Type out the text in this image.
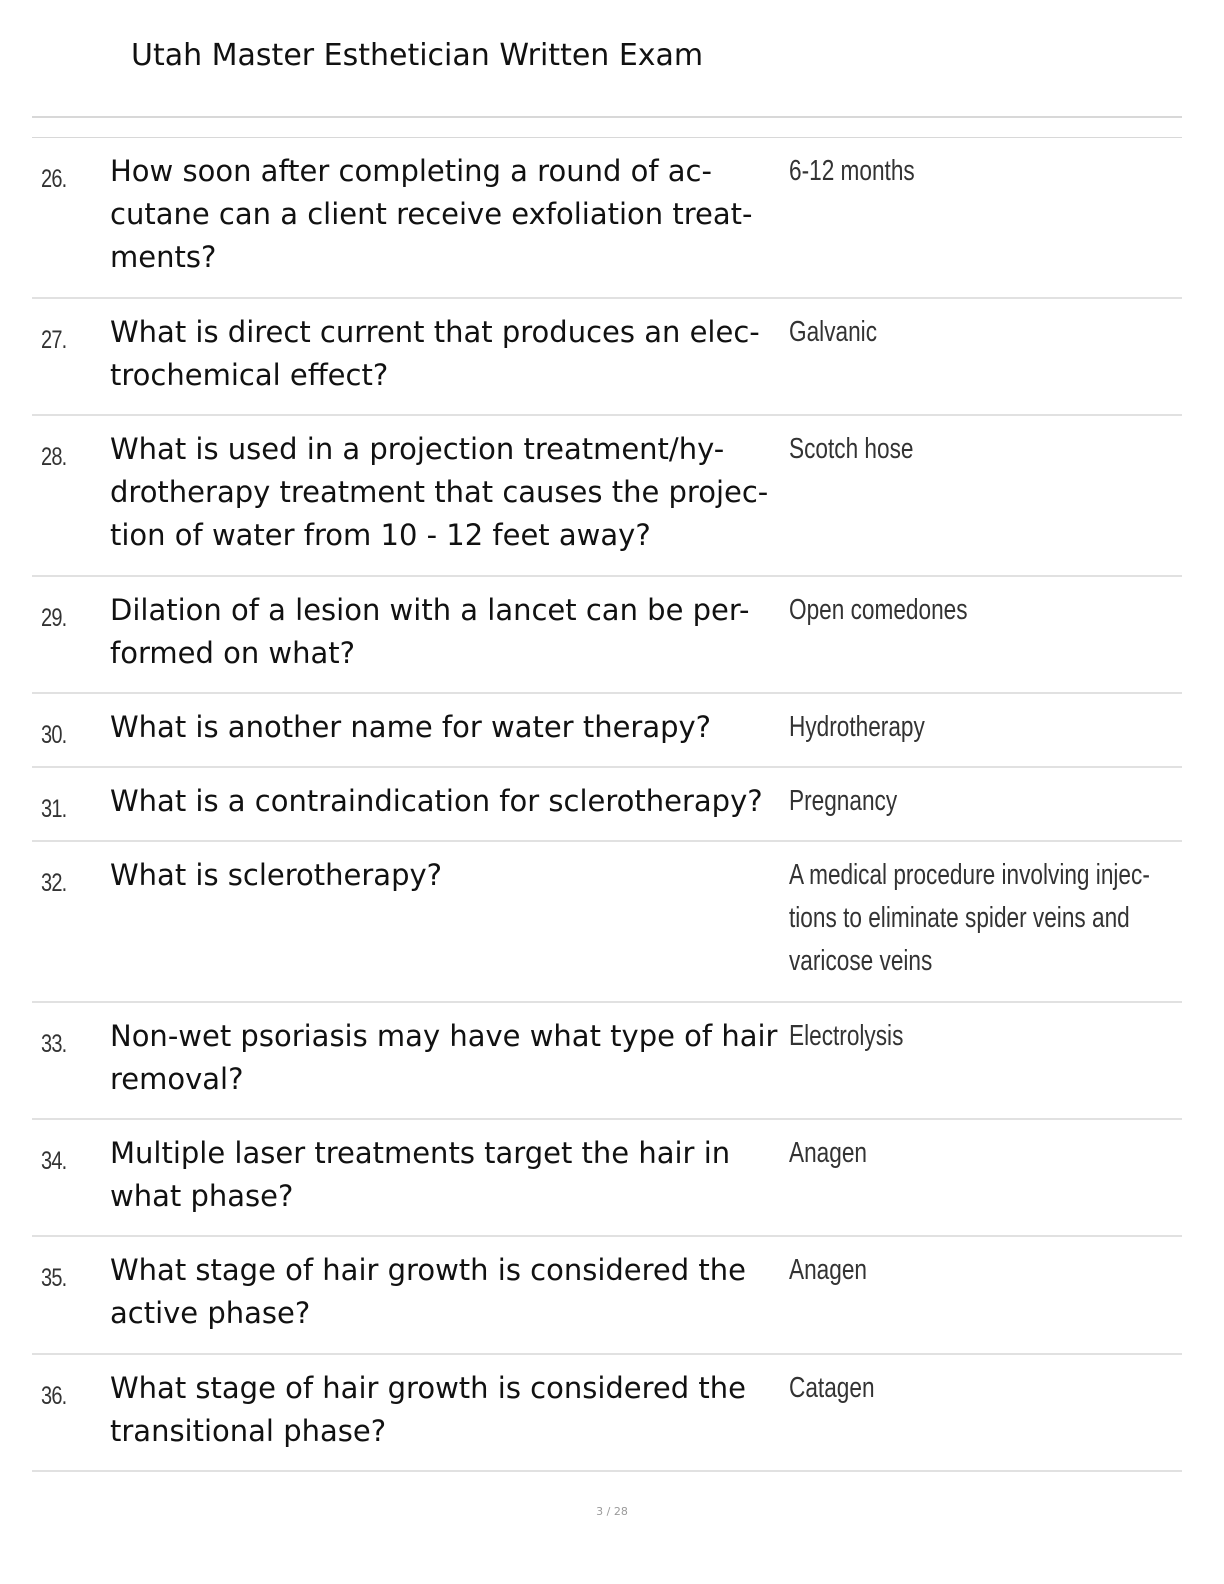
Utah Master Esthetician Written Exam
26. How soon after completing a round of ac-cutane can a client receive exfoliation treat-ments?
6-12 months
27. What is direct current that produces an elec-trochemical effect?
Galvanic
28. What is used in a projection treatment/hy-drotherapy treatment that causes the projec-tion of water from 10 - 12 feet away?
Scotch hose
29. Dilation of a lesion with a lancet can be per-formed on what?
Open comedones
30. What is another name for water therapy?	Hydrotherapy
31. What is a contraindication for sclerotherapy? Pregnancy
32. What is sclerotherapy?	A medical procedure involving injec-tions to eliminate spider veins and varicose veins
33. Non-wet psoriasis may have what type of hair removal?
Electrolysis
34. Multiple laser treatments target the hair in what phase?
Anagen
35. What stage of hair growth is considered the active phase?
Anagen
36. What stage of hair growth is considered the transitional phase?
Catagen
3 / 28
